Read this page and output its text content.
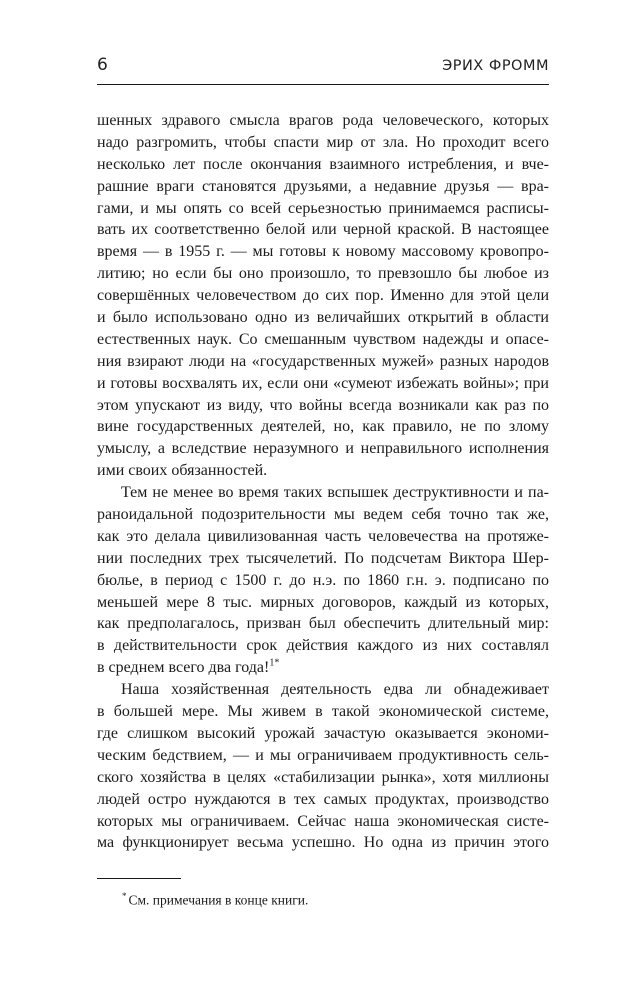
6	ЭРИХ ФРОММ
шенных здравого смысла врагов рода человеческого, которых
надо разгромить, чтобы спасти мир от зла. Но проходит всего
несколько лет после окончания взаимного истребления, и вче-
рашние враги становятся друзьями, а недавние друзья — вра-
гами, и мы опять со всей серьезностью принимаемся расписы-
вать их соответственно белой или черной краской. В настоящее
время — в 1955 г. — мы готовы к новому массовому кровопро-
литию; но если бы оно произошло, то превзошло бы любое из
совершённых человечеством до сих пор. Именно для этой цели
и было использовано одно из величайших открытий в области
естественных наук. Со смешанным чувством надежды и опасе-
ния взирают люди на «государственных мужей» разных народов
и готовы восхвалять их, если они «сумеют избежать войны»; при
этом упускают из виду, что войны всегда возникали как раз по
вине государственных деятелей, но, как правило, не по злому
умыслу, а вследствие неразумного и неправильного исполнения
ими своих обязанностей.
Тем не менее во время таких вспышек деструктивности и па-
раноидальной подозрительности мы ведем себя точно так же,
как это делала цивилизованная часть человечества на протяже-
нии последних трех тысячелетий. По подсчетам Виктора Шер-
бюлье, в период с 1500 г. до н.э. по 1860 г.н. э. подписано по
меньшей мере 8 тыс. мирных договоров, каждый из которых,
как предполагалось, призван был обеспечить длительный мир:
в действительности срок действия каждого из них составлял
в среднем всего два года!$^{1*}$
Наша хозяйственная деятельность едва ли обнадеживает
в большей мере. Мы живем в такой экономической системе,
где слишком высокий урожай зачастую оказывается экономи-
ческим бедствием, — и мы ограничиваем продуктивность сель-
ского хозяйства в целях «стабилизации рынка», хотя миллионы
людей остро нуждаются в тех самых продуктах, производство
которых мы ограничиваем. Сейчас наша экономическая систе-
ма функционирует весьма успешно. Но одна из причин этого
* См. примечания в конце книги.
